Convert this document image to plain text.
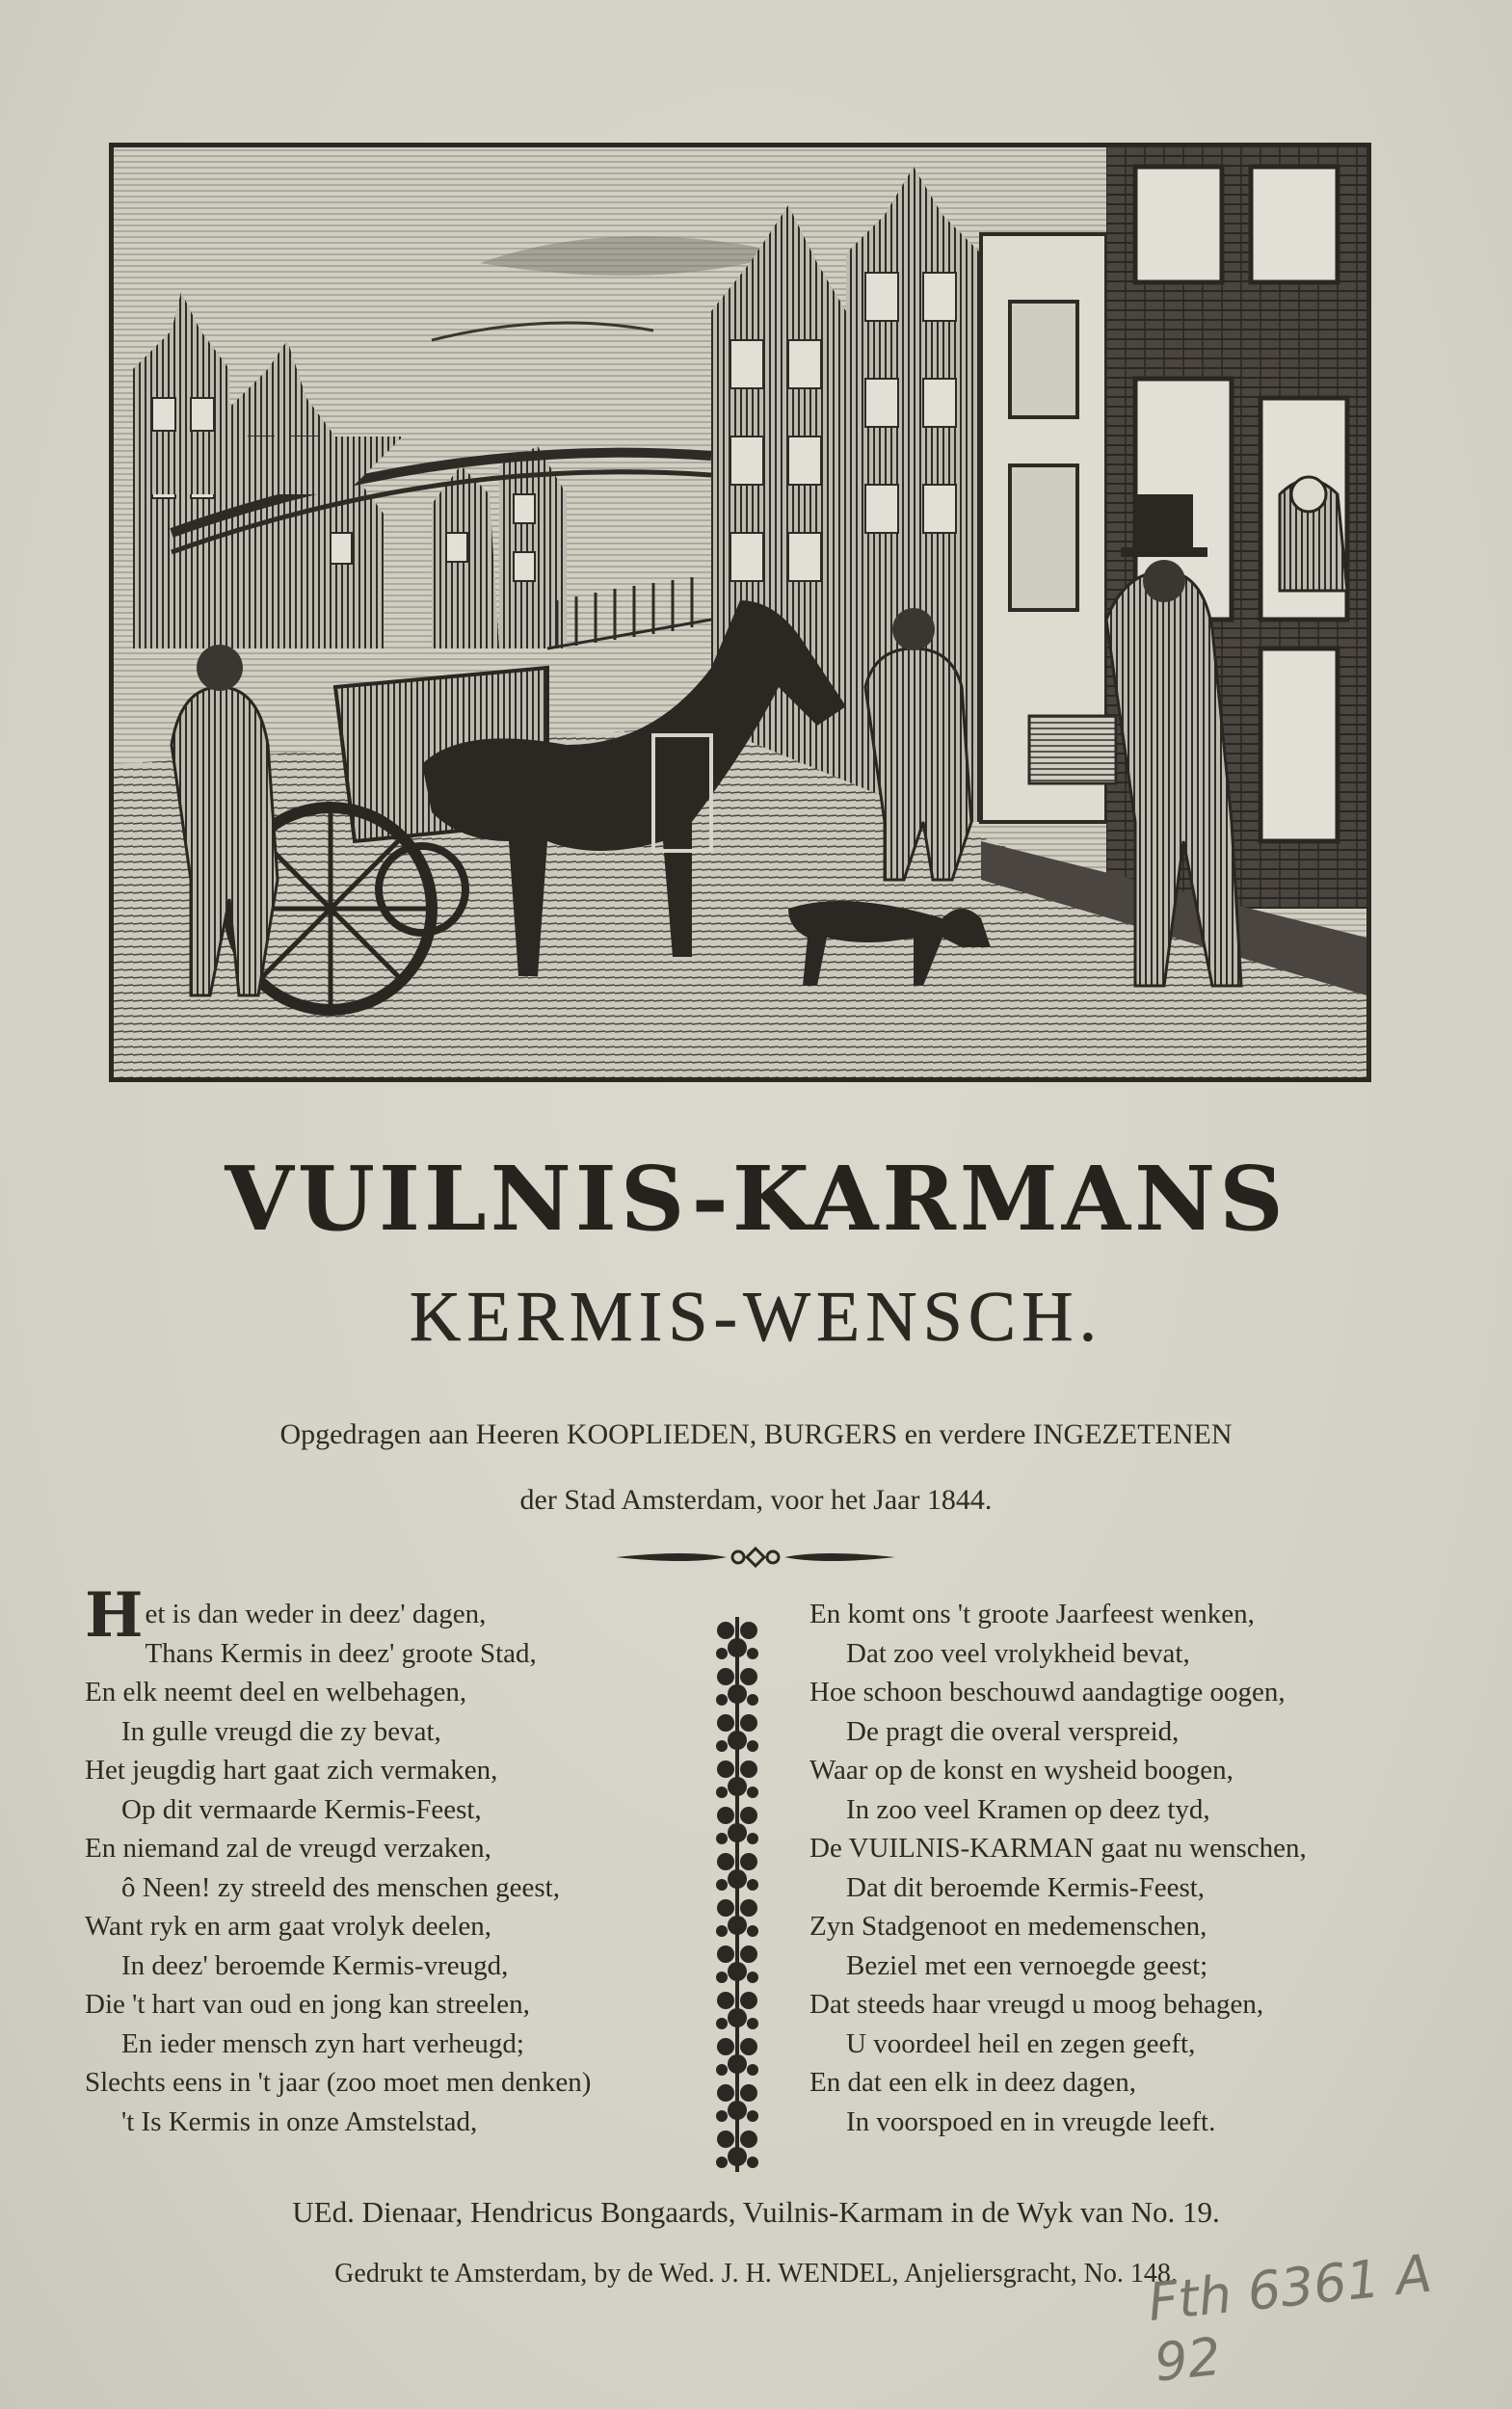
VUILNIS-KARMANS
KERMIS-WENSCH.
Opgedragen aan Heeren KOOPLIEDEN, BURGERS en verdere INGEZETENEN
der Stad Amsterdam, voor het Jaar 1844.
Het is dan weder in deez' dagen,
Thans Kermis in deez' groote Stad,
En elk neemt deel en welbehagen,
In gulle vreugd die zy bevat,
Het jeugdig hart gaat zich vermaken,
Op dit vermaarde Kermis-Feest,
En niemand zal de vreugd verzaken,
ô Neen! zy streeld des menschen geest,
Want ryk en arm gaat vrolyk deelen,
In deez' beroemde Kermis-vreugd,
Die 't hart van oud en jong kan streelen,
En ieder mensch zyn hart verheugd;
Slechts eens in 't jaar (zoo moet men denken)
't Is Kermis in onze Amstelstad,
En komt ons 't groote Jaarfeest wenken,
Dat zoo veel vrolykheid bevat,
Hoe schoon beschouwd aandagtige oogen,
De pragt die overal verspreid,
Waar op de konst en wysheid boogen,
In zoo veel Kramen op deez tyd,
De VUILNIS-KARMAN gaat nu wenschen,
Dat dit beroemde Kermis-Feest,
Zyn Stadgenoot en medemenschen,
Beziel met een vernoegde geest;
Dat steeds haar vreugd u moog behagen,
U voordeel heil en zegen geeft,
En dat een elk in deez dagen,
In voorspoed en in vreugde leeft.
UEd. Dienaar, Hendricus Bongaards, Vuilnis-Karmam in de Wyk van No. 19.
Gedrukt te Amsterdam, by de Wed. J. H. WENDEL, Anjeliersgracht, No. 148.
Fth 6361 A 92
